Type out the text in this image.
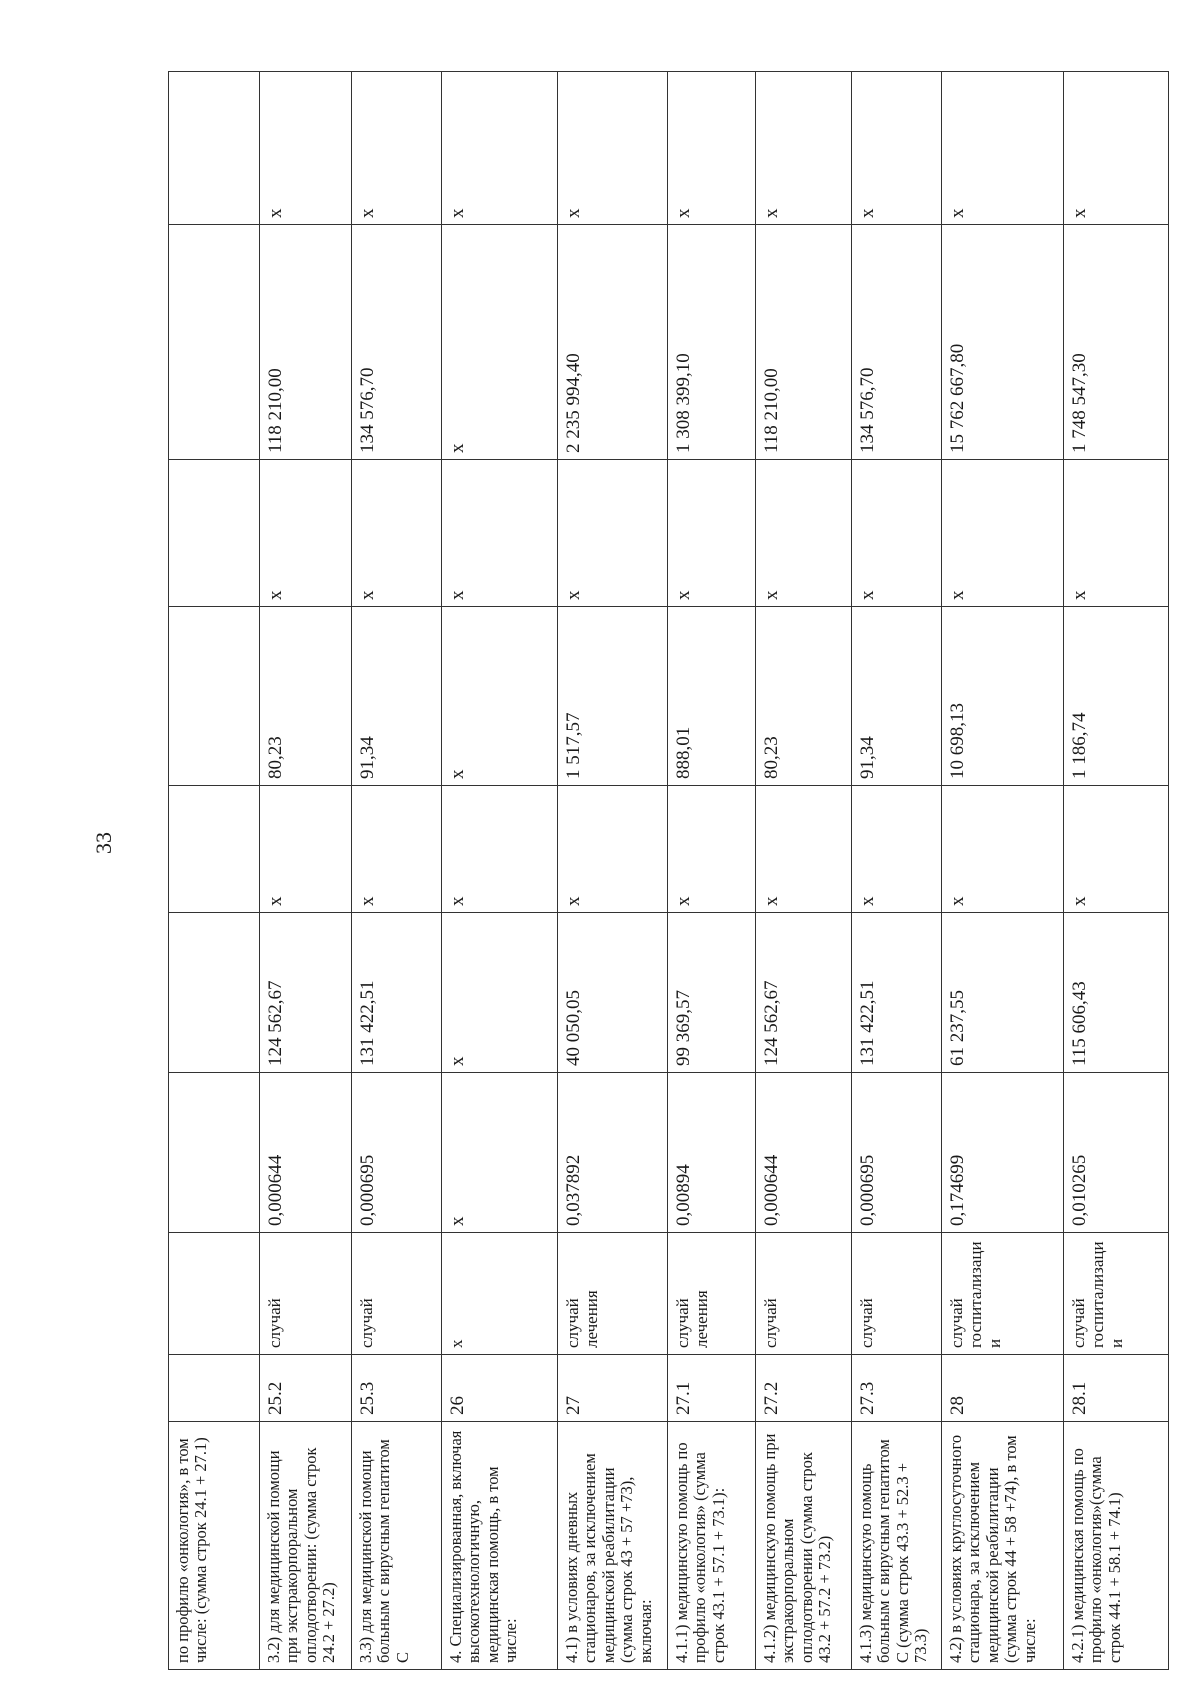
33
по профилю «онкология», в том числе: (сумма строк 24.1 + 27.1)									
3.2) для медицинской помощи при экстракорпоральном оплодотворении: (сумма строк 24.2 + 27.2)	25.2	случай	0,000644	124 562,67	х	80,23	х	118 210,00	х
3.3) для медицинской помощи больным с вирусным гепатитом С	25.3	случай	0,000695	131 422,51	х	91,34	х	134 576,70	х
4. Специализированная, включая высокотехнологичную, медицинская помощь, в том числе:	26	х	х	х	х	х	х	х	х
4.1) в условиях дневных стационаров, за исключением медицинской реабилитации (сумма строк 43 + 57 +73), включая:	27	случай лечения	0,037892	40 050,05	х	1 517,57	х	2 235 994,40	х
4.1.1) медицинскую помощь по профилю «онкология» (сумма строк 43.1 + 57.1 + 73.1):	27.1	случай лечения	0,00894	99 369,57	х	888,01	х	1 308 399,10	х
4.1.2) медицинскую помощь при экстракорпоральном оплодотворении (сумма строк 43.2 + 57.2 + 73.2)	27.2	случай	0,000644	124 562,67	х	80,23	х	118 210,00	х
4.1.3) медицинскую помощь больным с вирусным гепатитом С (сумма строк 43.3 + 52.3 + 73.3)	27.3	случай	0,000695	131 422,51	х	91,34	х	134 576,70	х
4.2) в условиях круглосуточного стационара, за исключением медицинской реабилитации (сумма строк 44 + 58 +74), в том числе:	28	случай госпитализации	0,174699	61 237,55	х	10 698,13	х	15 762 667,80	х
4.2.1) медицинская помощь по профилю «онкология»(сумма строк 44.1 + 58.1 + 74.1)	28.1	случай госпитализации	0,010265	115 606,43	х	1 186,74	х	1 748 547,30	х
